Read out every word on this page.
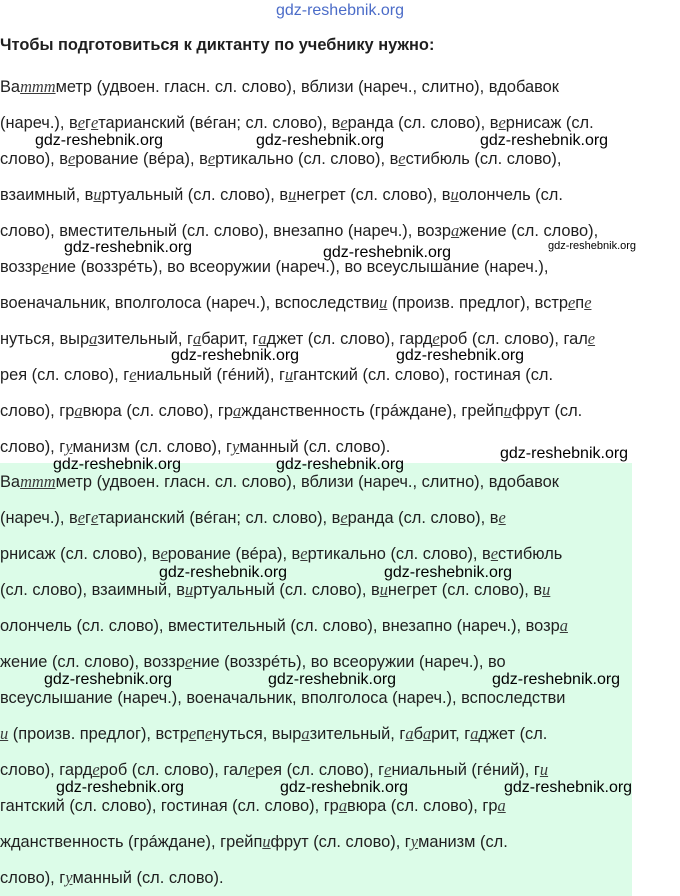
gdz-reshebnik.org
Чтобы подготовиться к диктанту по учебнику нужно:
Ватттметр (удвоен. гласн. сл. слово), вблизи (нареч., слитно), вдобавок
(нареч.), вегетарианский (вéган; сл. слово), веранда (сл. слово), вернисаж (сл.
слово), верование (вéра), вертикально (сл. слово), вестибюль (сл. слово),
взаимный, виртуальный (сл. слово), винегрет (сл. слово), виолончель (сл.
слово), вместительный (сл. слово), внезапно (нареч.), возражение (сл. слово),
воззрение (воззрéть), во всеоружии (нареч.), во всеуслышание (нареч.),
военачальник, вполголоса (нареч.), вспоследствии (произв. предлог), встрепе
нуться, выразительный, габарит, гаджет (сл. слово), гардероб (сл. слово), гале
рея (сл. слово), гениальный (гéний), гигантский (сл. слово), гостиная (сл.
слово), гравюра (сл. слово), гражданственность (грáждане), грейпифрут (сл.
слово), гуманизм (сл. слово), гуманный (сл. слово).
Ватттметр (удвоен. гласн. сл. слово), вблизи (нареч., слитно), вдобавок
(нареч.), вегетарианский (вéган; сл. слово), веранда (сл. слово), ве
рнисаж (сл. слово), верование (вéра), вертикально (сл. слово), вестибюль
(сл. слово), взаимный, виртуальный (сл. слово), винегрет (сл. слово), ви
олончель (сл. слово), вместительный (сл. слово), внезапно (нареч.), возра
жение (сл. слово), воззрение (воззрéть), во всеоружии (нареч.), во
всеуслышание (нареч.), военачальник, вполголоса (нареч.), вспоследстви
и (произв. предлог), встрепенуться, выразительный, габарит, гаджет (сл.
слово), гардероб (сл. слово), галерея (сл. слово), гениальный (гéний), ги
гантский (сл. слово), гостиная (сл. слово), гравюра (сл. слово), гра
жданственность (грáждане), грейпифрут (сл. слово), гуманизм (сл.
слово), гуманный (сл. слово).
gdz-reshebnik.org	gdz-reshebnik.org	gdz-reshebnik.org
gdz-reshebnik.org	gdz-reshebnik.org	gdz-reshebnik.org
gdz-reshebnik.org	gdz-reshebnik.org
gdz-reshebnik.org
gdz-reshebnik.org	gdz-reshebnik.org
gdz-reshebnik.org	gdz-reshebnik.org
gdz-reshebnik.org	gdz-reshebnik.org	gdz-reshebnik.org
gdz-reshebnik.org	gdz-reshebnik.org	gdz-reshebnik.org
